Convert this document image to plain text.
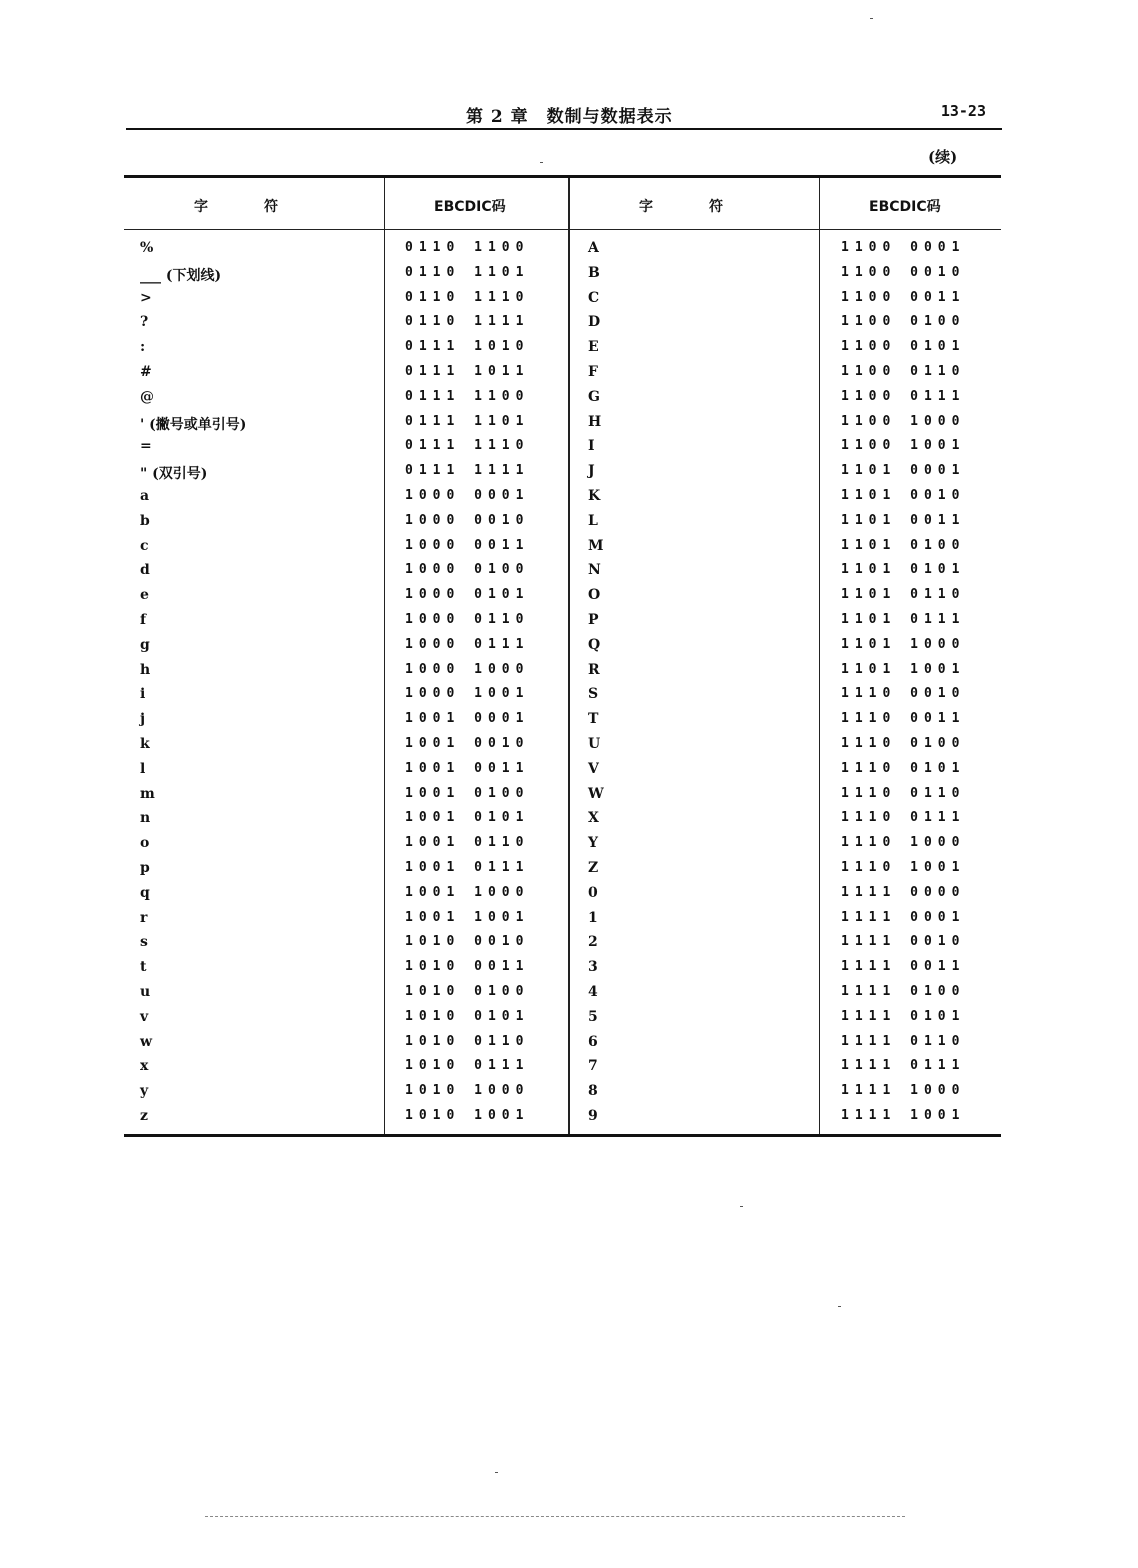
第 2 章　数制与数据表示	13-23
(续)
字　　　　符	EBCDIC码	字　　　　符	EBCDIC码
%	0110 1100	A	1100 0001
___ (下划线)	0110 1101	B	1100 0010
>	0110 1110	C	1100 0011
?	0110 1111	D	1100 0100
:	0111 1010	E	1100 0101
#	0111 1011	F	1100 0110
@	0111 1100	G	1100 0111
' (撇号或单引号)	0111 1101	H	1100 1000
=	0111 1110	I	1100 1001
" (双引号)	0111 1111	J	1101 0001
a	1000 0001	K	1101 0010
b	1000 0010	L	1101 0011
c	1000 0011	M	1101 0100
d	1000 0100	N	1101 0101
e	1000 0101	O	1101 0110
f	1000 0110	P	1101 0111
g	1000 0111	Q	1101 1000
h	1000 1000	R	1101 1001
i	1000 1001	S	1110 0010
j	1001 0001	T	1110 0011
k	1001 0010	U	1110 0100
l	1001 0011	V	1110 0101
m	1001 0100	W	1110 0110
n	1001 0101	X	1110 0111
o	1001 0110	Y	1110 1000
p	1001 0111	Z	1110 1001
q	1001 1000	0	1111 0000
r	1001 1001	1	1111 0001
s	1010 0010	2	1111 0010
t	1010 0011	3	1111 0011
u	1010 0100	4	1111 0100
v	1010 0101	5	1111 0101
w	1010 0110	6	1111 0110
x	1010 0111	7	1111 0111
y	1010 1000	8	1111 1000
z	1010 1001	9	1111 1001
